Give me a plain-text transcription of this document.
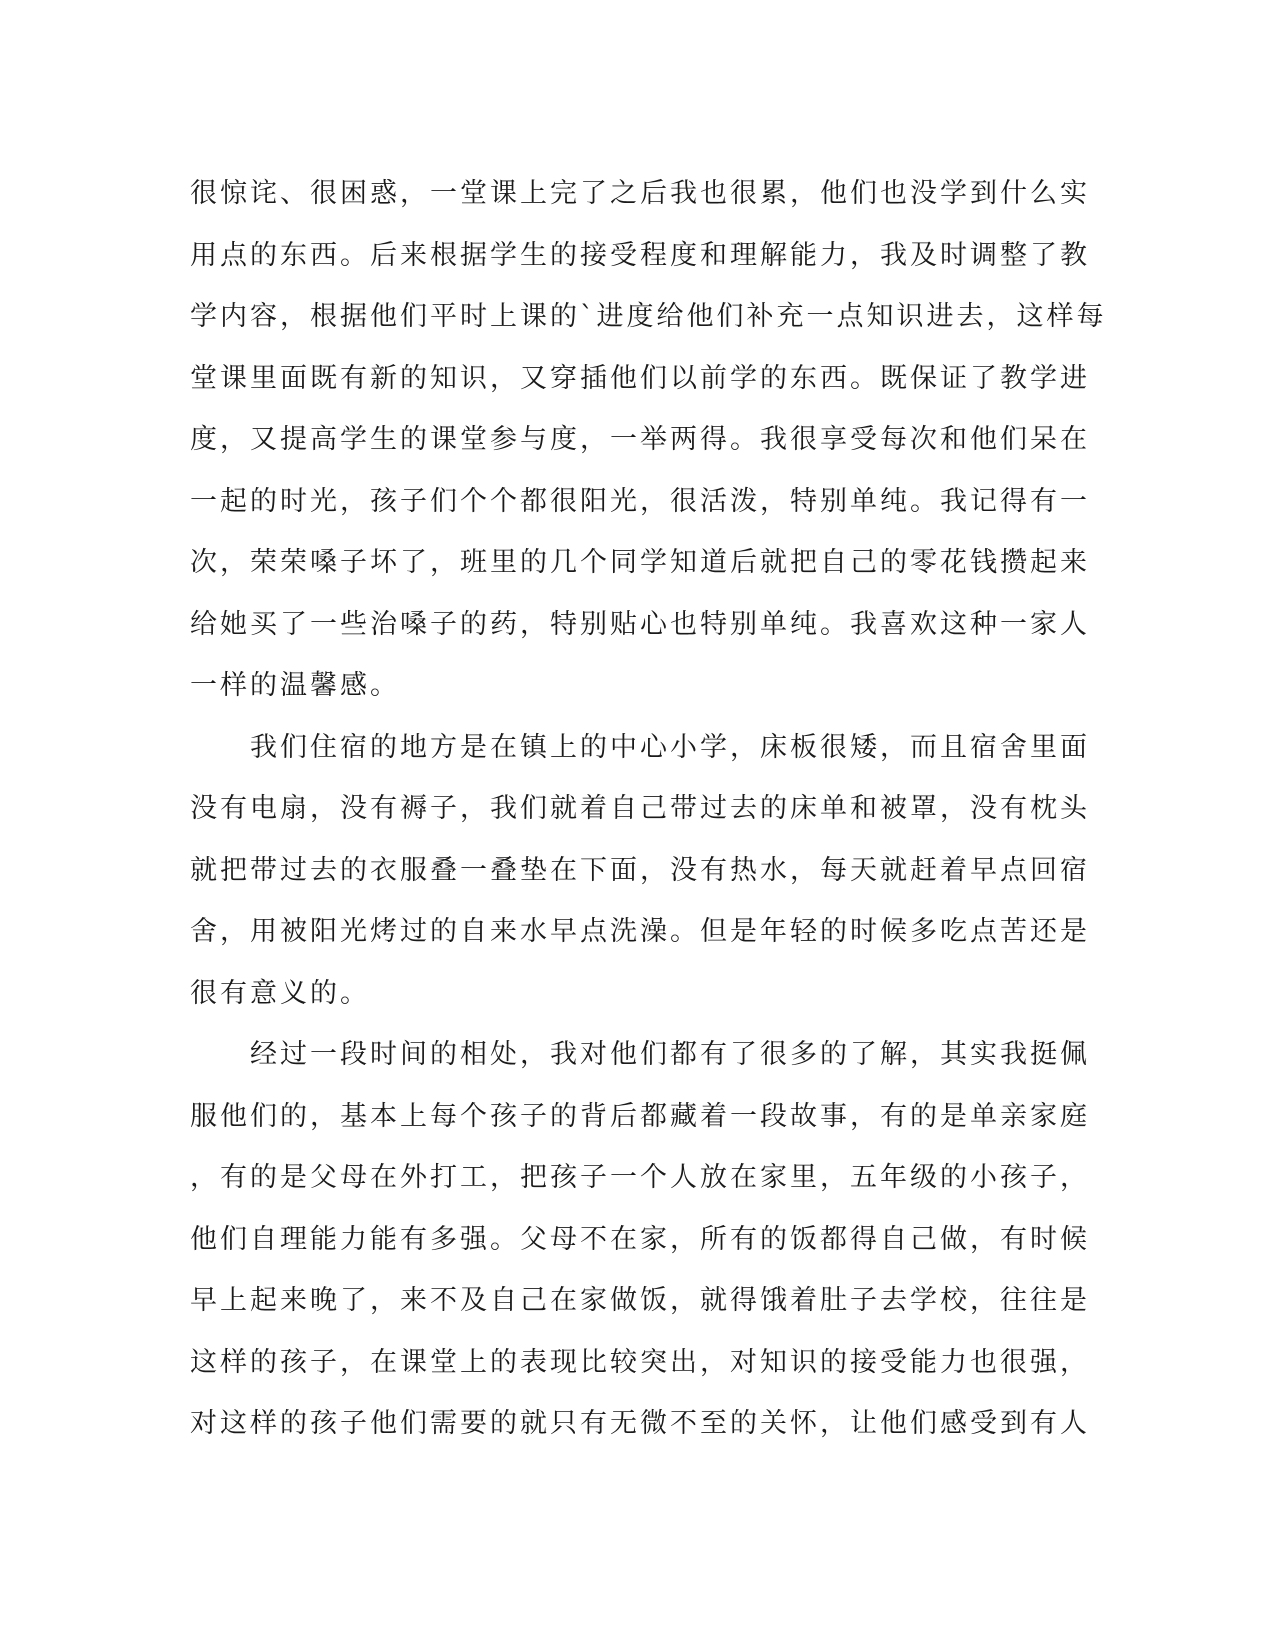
很惊诧、很困惑，一堂课上完了之后我也很累，他们也没学到什么实
用点的东西。后来根据学生的接受程度和理解能力，我及时调整了教
学内容，根据他们平时上课的`进度给他们补充一点知识进去，这样每
堂课里面既有新的知识，又穿插他们以前学的东西。既保证了教学进
度，又提高学生的课堂参与度，一举两得。我很享受每次和他们呆在
一起的时光，孩子们个个都很阳光，很活泼，特别单纯。我记得有一
次，荣荣嗓子坏了，班里的几个同学知道后就把自己的零花钱攒起来
给她买了一些治嗓子的药，特别贴心也特别单纯。我喜欢这种一家人
一样的温馨感。
　　我们住宿的地方是在镇上的中心小学，床板很矮，而且宿舍里面
没有电扇，没有褥子，我们就着自己带过去的床单和被罩，没有枕头
就把带过去的衣服叠一叠垫在下面，没有热水，每天就赶着早点回宿
舍，用被阳光烤过的自来水早点洗澡。但是年轻的时候多吃点苦还是
很有意义的。
　　经过一段时间的相处，我对他们都有了很多的了解，其实我挺佩
服他们的，基本上每个孩子的背后都藏着一段故事，有的是单亲家庭
，有的是父母在外打工，把孩子一个人放在家里，五年级的小孩子，
他们自理能力能有多强。父母不在家，所有的饭都得自己做，有时候
早上起来晚了，来不及自己在家做饭，就得饿着肚子去学校，往往是
这样的孩子，在课堂上的表现比较突出，对知识的接受能力也很强，
对这样的孩子他们需要的就只有无微不至的关怀，让他们感受到有人
